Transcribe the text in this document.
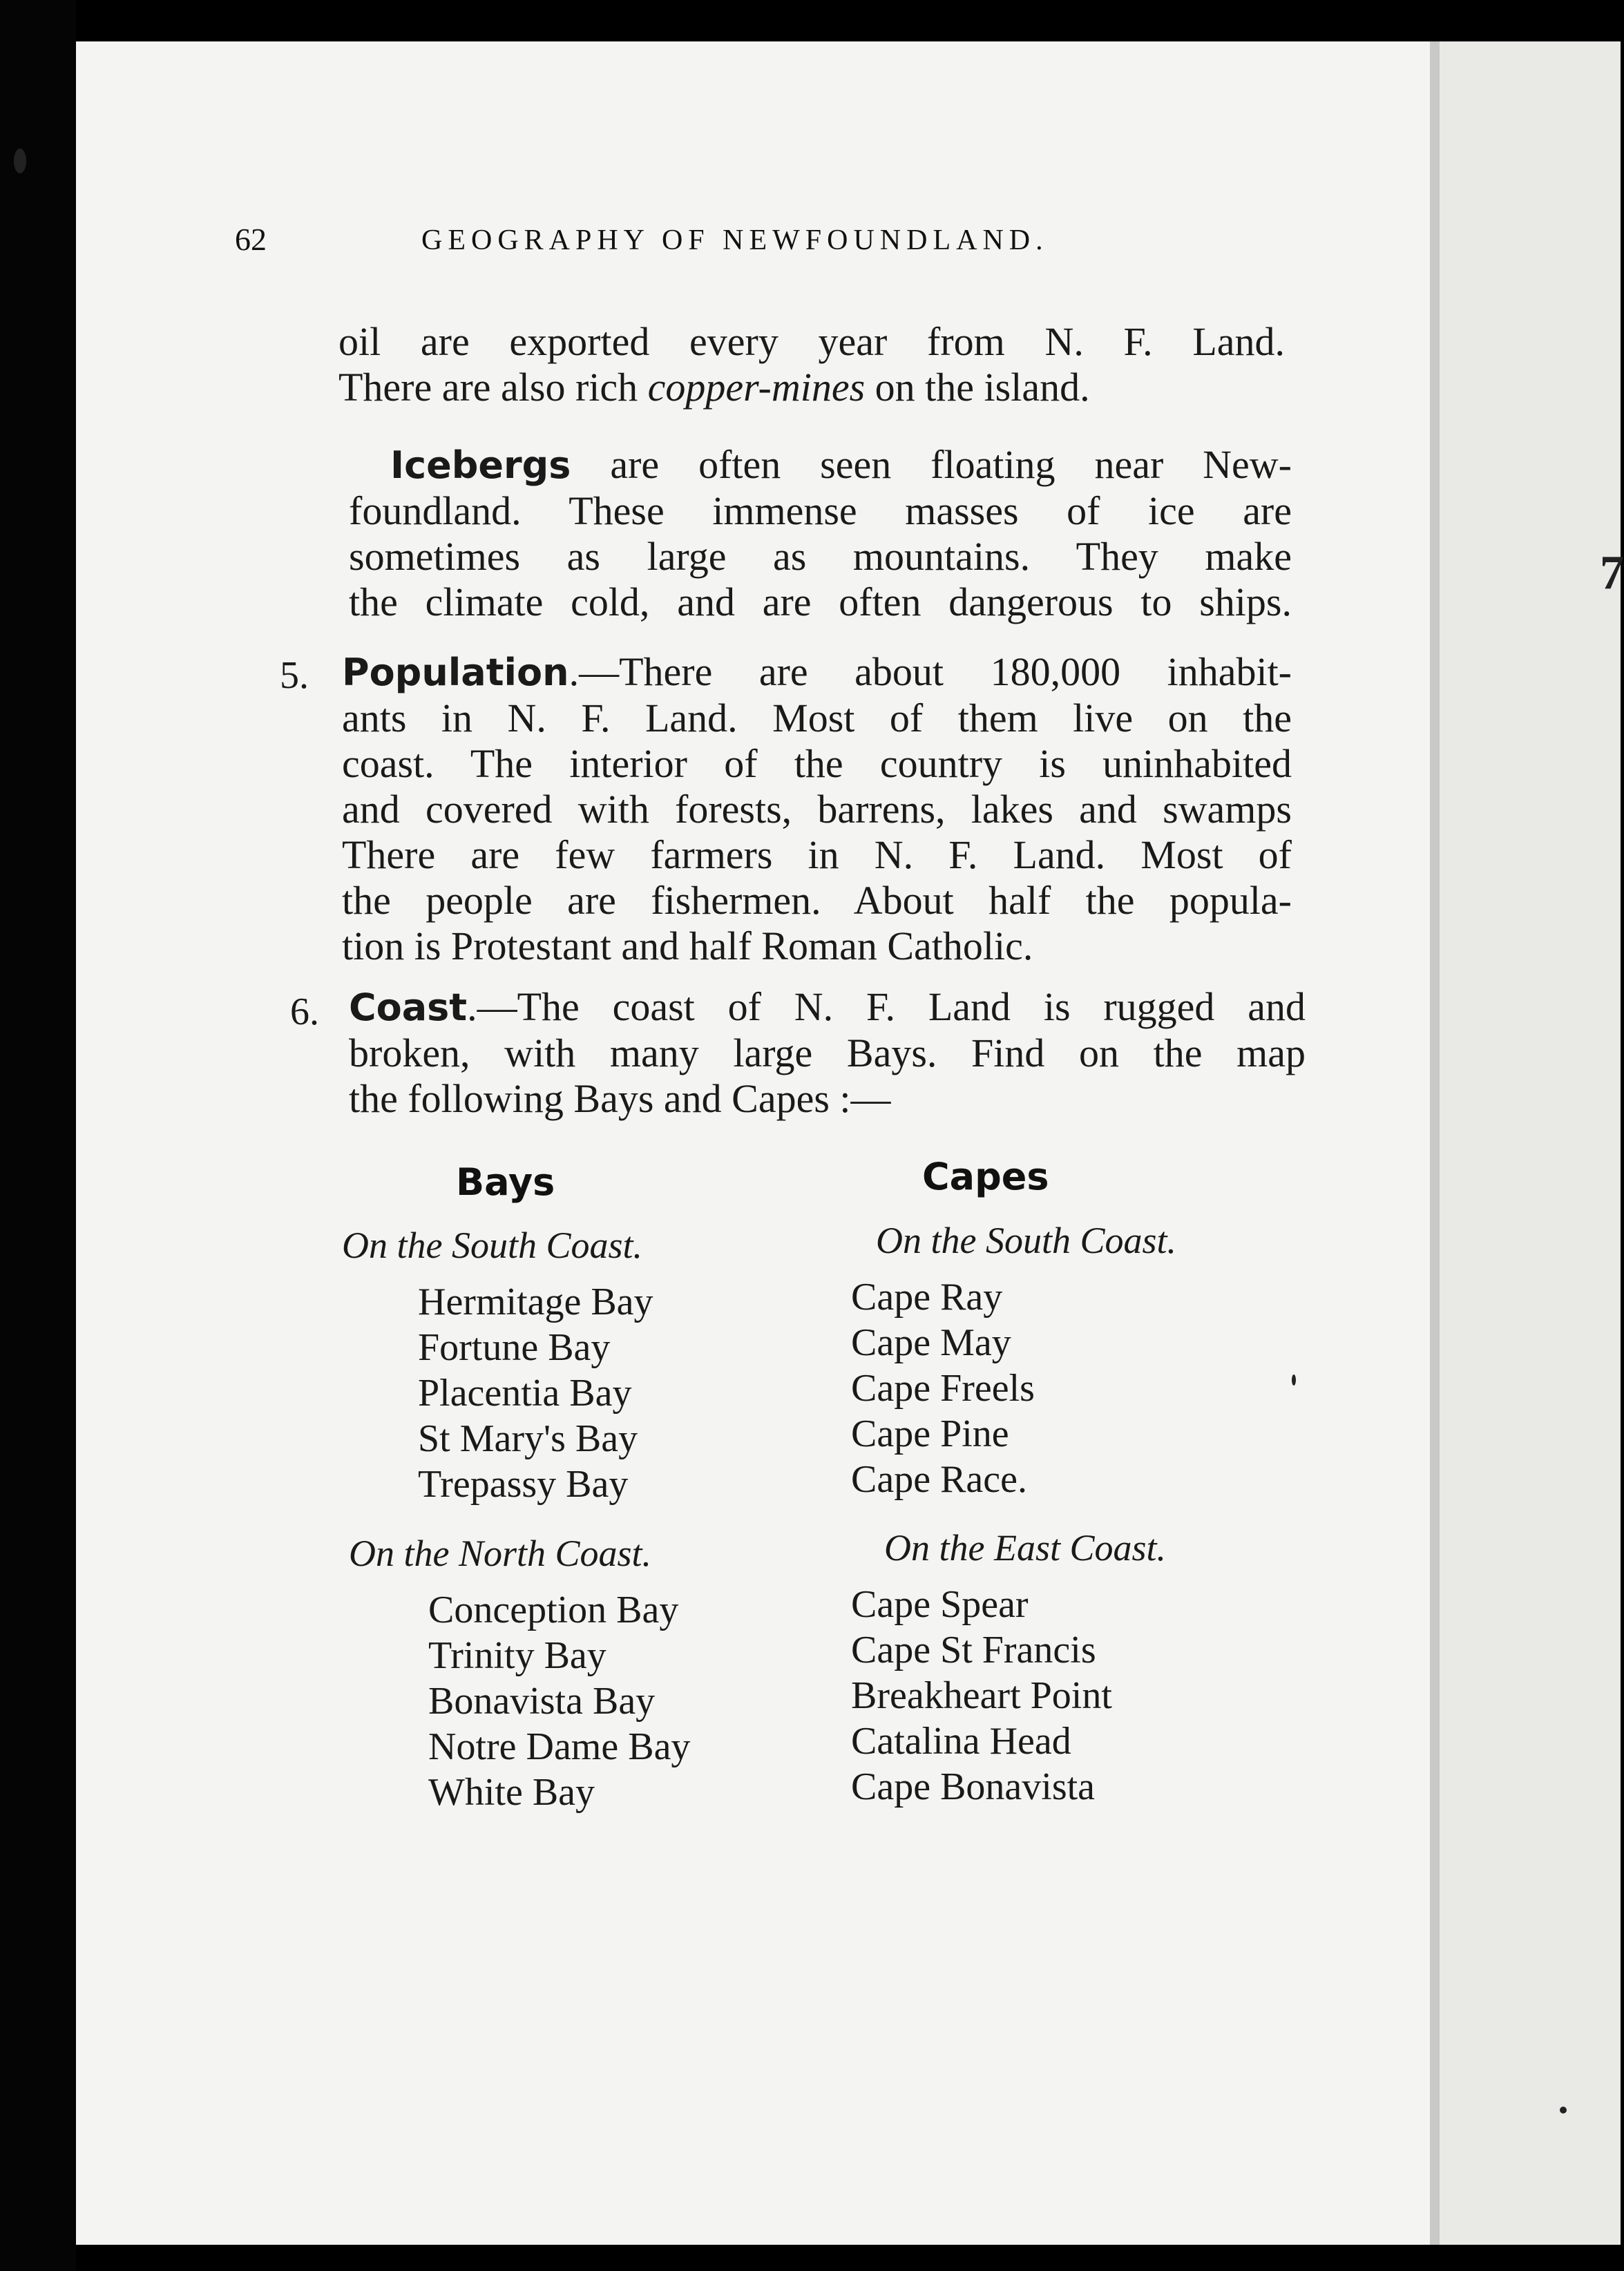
7
62	GEOGRAPHY OF NEWFOUNDLAND.
oil are exported every year from N. F. Land.
There are also rich copper-mines on the island.
Icebergs are often seen floating near New-
foundland. These immense masses of ice are
sometimes as large as mountains. They make
the climate cold, and are often dangerous to ships.
5. Population.—There are about 180,000 inhabit-
ants in N. F. Land. Most of them live on the
coast. The interior of the country is uninhabited
and covered with forests, barrens, lakes and swamps
There are few farmers in N. F. Land. Most of
the people are fishermen. About half the popula-
tion is Protestant and half Roman Catholic.
6. Coast.—The coast of N. F. Land is rugged and
broken, with many large Bays. Find on the map
the following Bays and Capes :—
Bays
On the South Coast.
Hermitage Bay
Fortune Bay
Placentia Bay
St Mary's Bay
Trepassy Bay
On the North Coast.
Conception Bay
Trinity Bay
Bonavista Bay
Notre Dame Bay
White Bay
Capes
On the South Coast.
Cape Ray
Cape May
Cape Freels
Cape Pine
Cape Race.
On the East Coast.
Cape Spear
Cape St Francis
Breakheart Point
Catalina Head
Cape Bonavista
